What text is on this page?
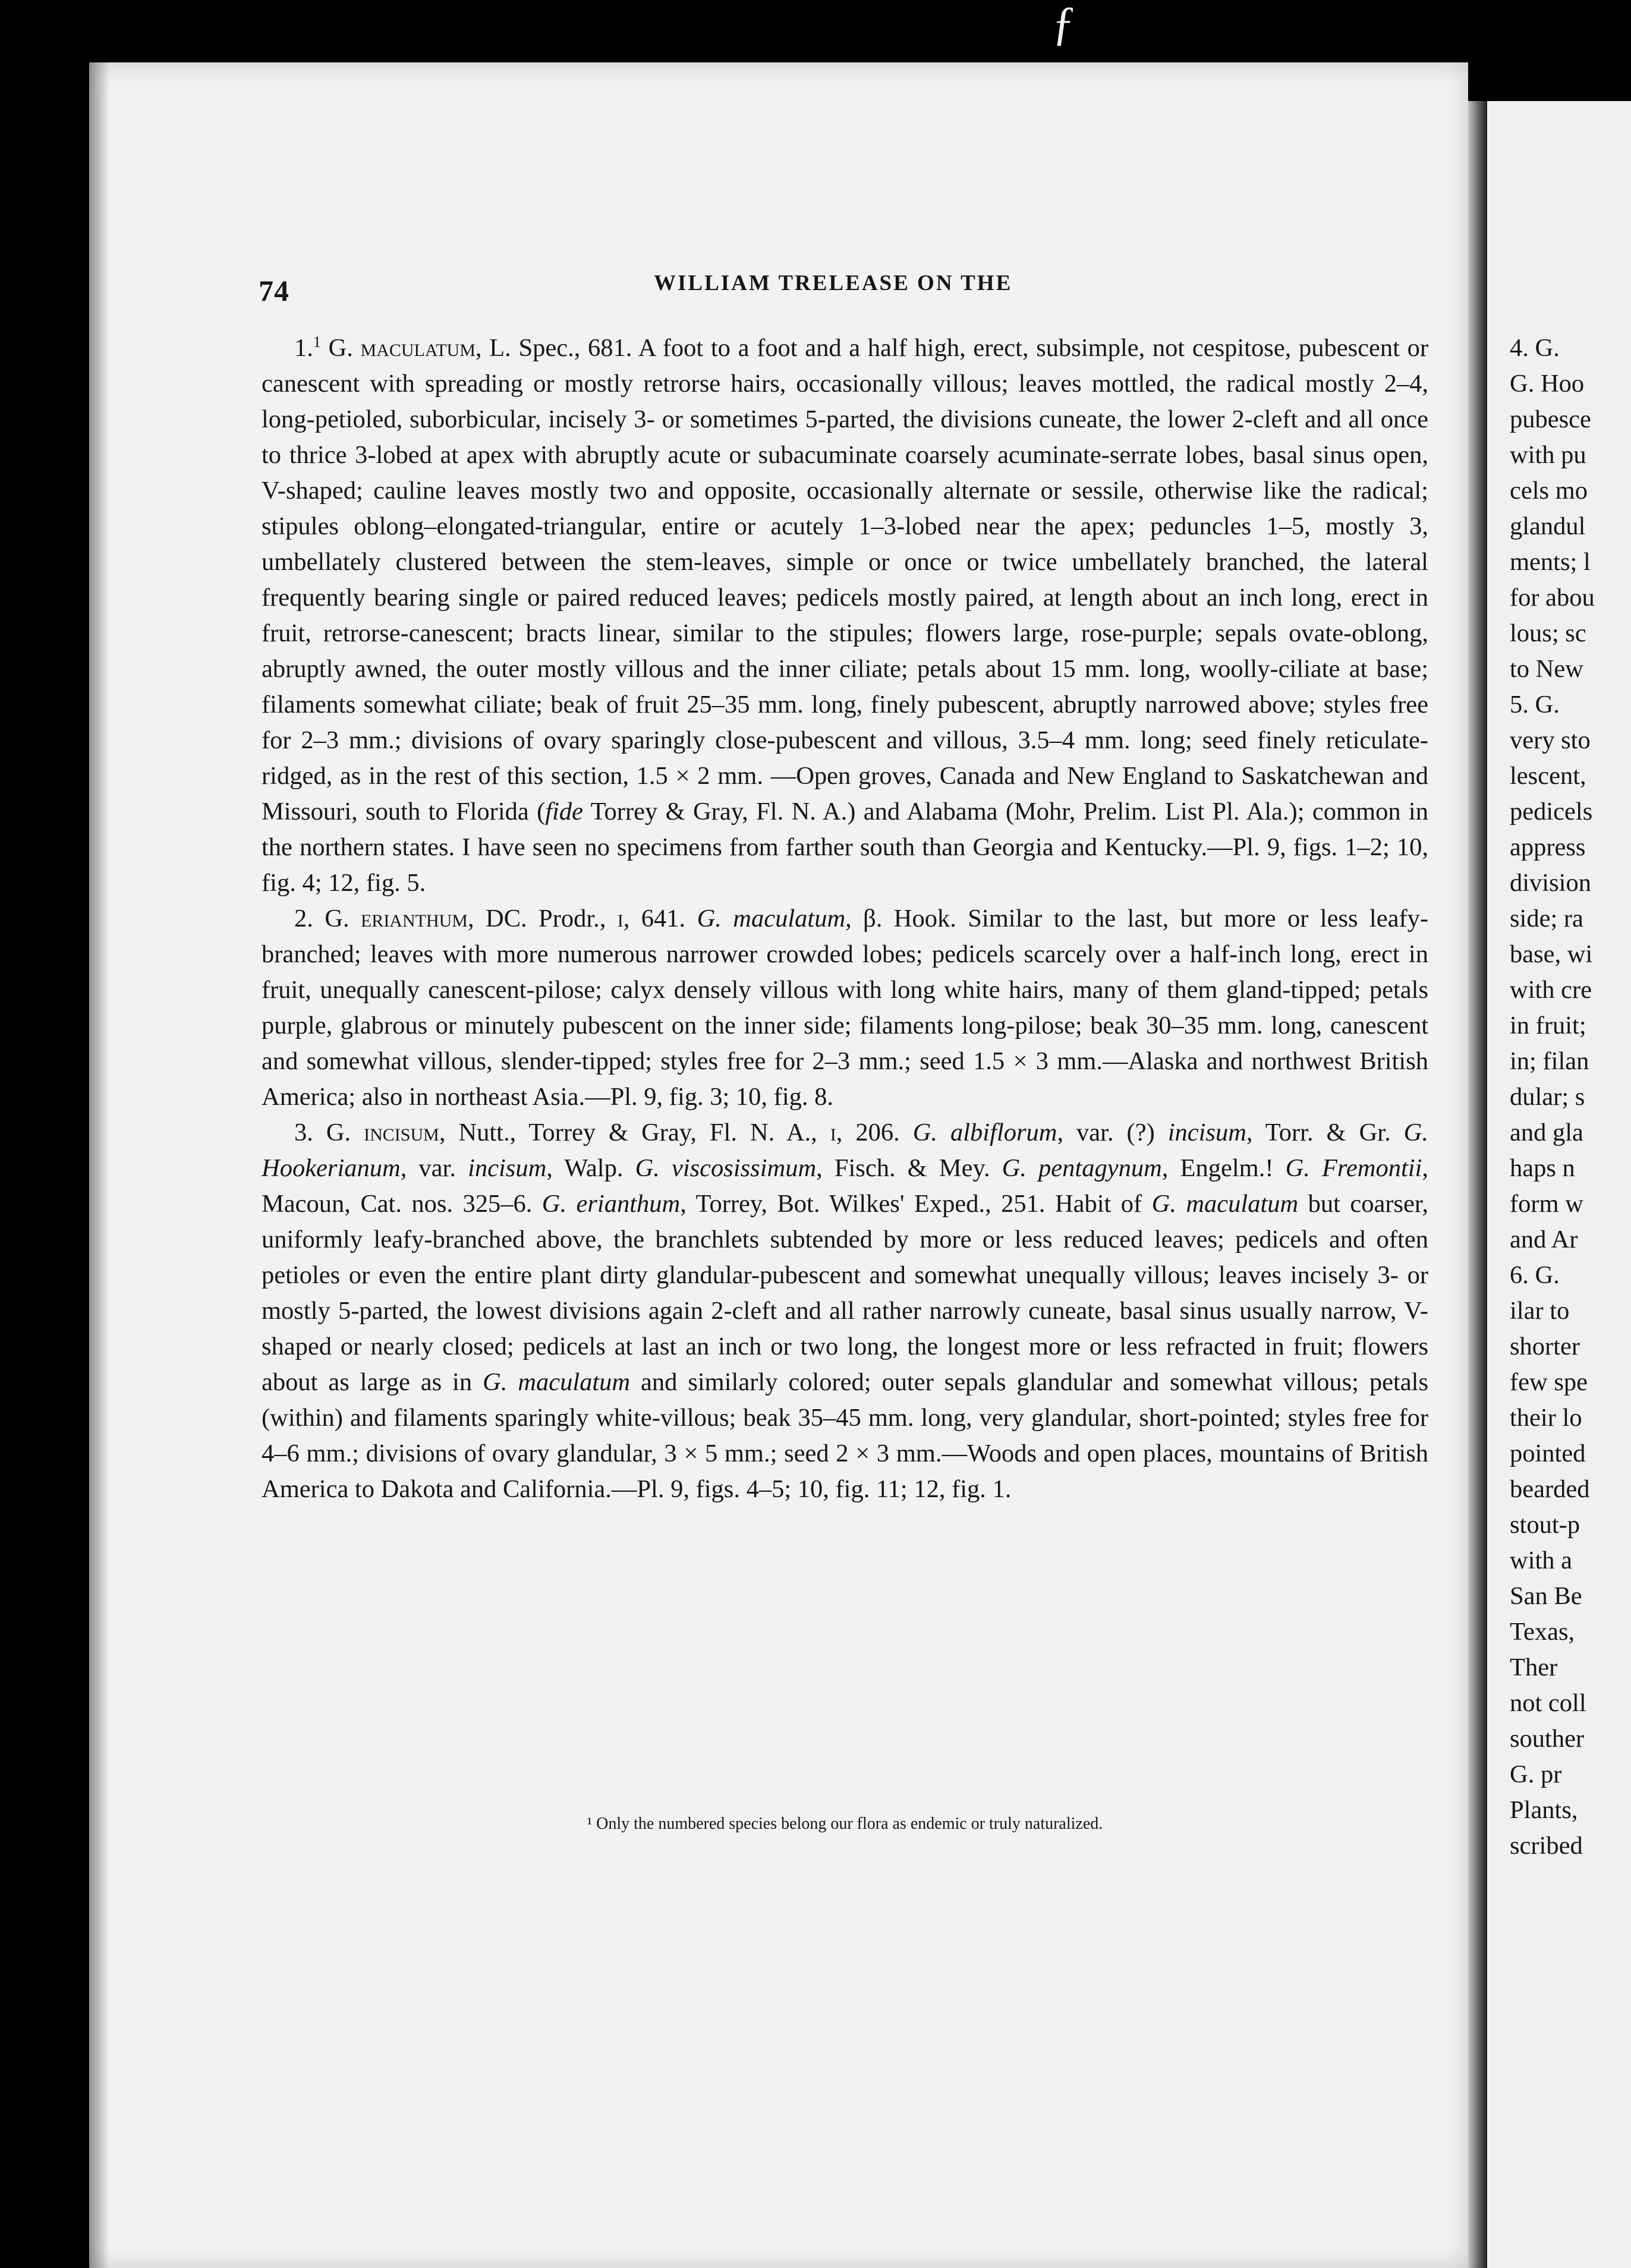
ƒ
74	WILLIAM TRELEASE ON THE

1.$^1$ G. maculatum, L. Spec., 681. A foot to a foot and a half high, erect, subsimple, not cespitose, pubescent or canescent with spreading or mostly retrorse hairs, occasionally villous; leaves mottled, the radical mostly 2–4, long-petioled, suborbicular, incisely 3- or sometimes 5-parted, the divisions cuneate, the lower 2-cleft and all once to thrice 3-lobed at apex with abruptly acute or subacuminate coarsely acuminate-serrate lobes, basal sinus open, V-shaped; cauline leaves mostly two and opposite, occasionally alternate or sessile, otherwise like the radical; stipules oblong–elongated-triangular, entire or acutely 1–3-lobed near the apex; peduncles 1–5, mostly 3, umbellately clustered between the stem-leaves, simple or once or twice umbellately branched, the lateral frequently bearing single or paired reduced leaves; pedicels mostly paired, at length about an inch long, erect in fruit, retrorse-canescent; bracts linear, similar to the stipules; flowers large, rose-purple; sepals ovate-oblong, abruptly awned, the outer mostly villous and the inner ciliate; petals about 15 mm. long, woolly-ciliate at base; filaments somewhat ciliate; beak of fruit 25–35 mm. long, finely pubescent, abruptly narrowed above; styles free for 2–3 mm.; divisions of ovary sparingly close-pubescent and villous, 3.5–4 mm. long; seed finely reticulate-ridged, as in the rest of this section, 1.5 × 2 mm. —Open groves, Canada and New England to Saskatchewan and Missouri, south to Florida (fide Torrey & Gray, Fl. N. A.) and Alabama (Mohr, Prelim. List Pl. Ala.); common in the northern states. I have seen no specimens from farther south than Georgia and Kentucky.—Pl. 9, figs. 1–2; 10, fig. 4; 12, fig. 5.

2. G. erianthum, DC. Prodr., i, 641. G. maculatum, β. Hook. Similar to the last, but more or less leafy-branched; leaves with more numerous narrower crowded lobes; pedicels scarcely over a half-inch long, erect in fruit, unequally canescent-pilose; calyx densely villous with long white hairs, many of them gland-tipped; petals purple, glabrous or minutely pubescent on the inner side; filaments long-pilose; beak 30–35 mm. long, canescent and somewhat villous, slender-tipped; styles free for 2–3 mm.; seed 1.5 × 3 mm.—Alaska and northwest British America; also in northeast Asia.—Pl. 9, fig. 3; 10, fig. 8.

3. G. incisum, Nutt., Torrey & Gray, Fl. N. A., i, 206. G. albiflorum, var. (?) incisum, Torr. & Gr. G. Hookerianum, var. incisum, Walp. G. viscosissimum, Fisch. & Mey. G. pentagynum, Engelm.! G. Fremontii, Macoun, Cat. nos. 325–6. G. erianthum, Torrey, Bot. Wilkes' Exped., 251. Habit of G. maculatum but coarser, uniformly leafy-branched above, the branchlets subtended by more or less reduced leaves; pedicels and often petioles or even the entire plant dirty glandular-pubescent and somewhat unequally villous; leaves incisely 3- or mostly 5-parted, the lowest divisions again 2-cleft and all rather narrowly cuneate, basal sinus usually narrow, V-shaped or nearly closed; pedicels at last an inch or two long, the longest more or less refracted in fruit; flowers about as large as in G. maculatum and similarly colored; outer sepals glandular and somewhat villous; petals (within) and filaments sparingly white-villous; beak 35–45 mm. long, very glandular, short-pointed; styles free for 4–6 mm.; divisions of ovary glandular, 3 × 5 mm.; seed 2 × 3 mm.—Woods and open places, mountains of British America to Dakota and California.—Pl. 9, figs. 4–5; 10, fig. 11; 12, fig. 1.

¹ Only the numbered species belong our flora as endemic or truly naturalized.
4. G.
G. Hoo
pubesce
with pu
cels mo
glandul
ments; l
for abou
lous; sc
to New
5. G.
very sto
lescent,
pedicels
appress
division
side; ra
base, wi
with cre
in fruit;
in; filan
dular; s
and gla
haps n
form w
and Ar
6. G.
ilar to
shorter
few spe
their lo
pointed
bearded
stout-p
with a
San Be
Texas,
Ther
not coll
souther
G. pr
Plants,
scribed
